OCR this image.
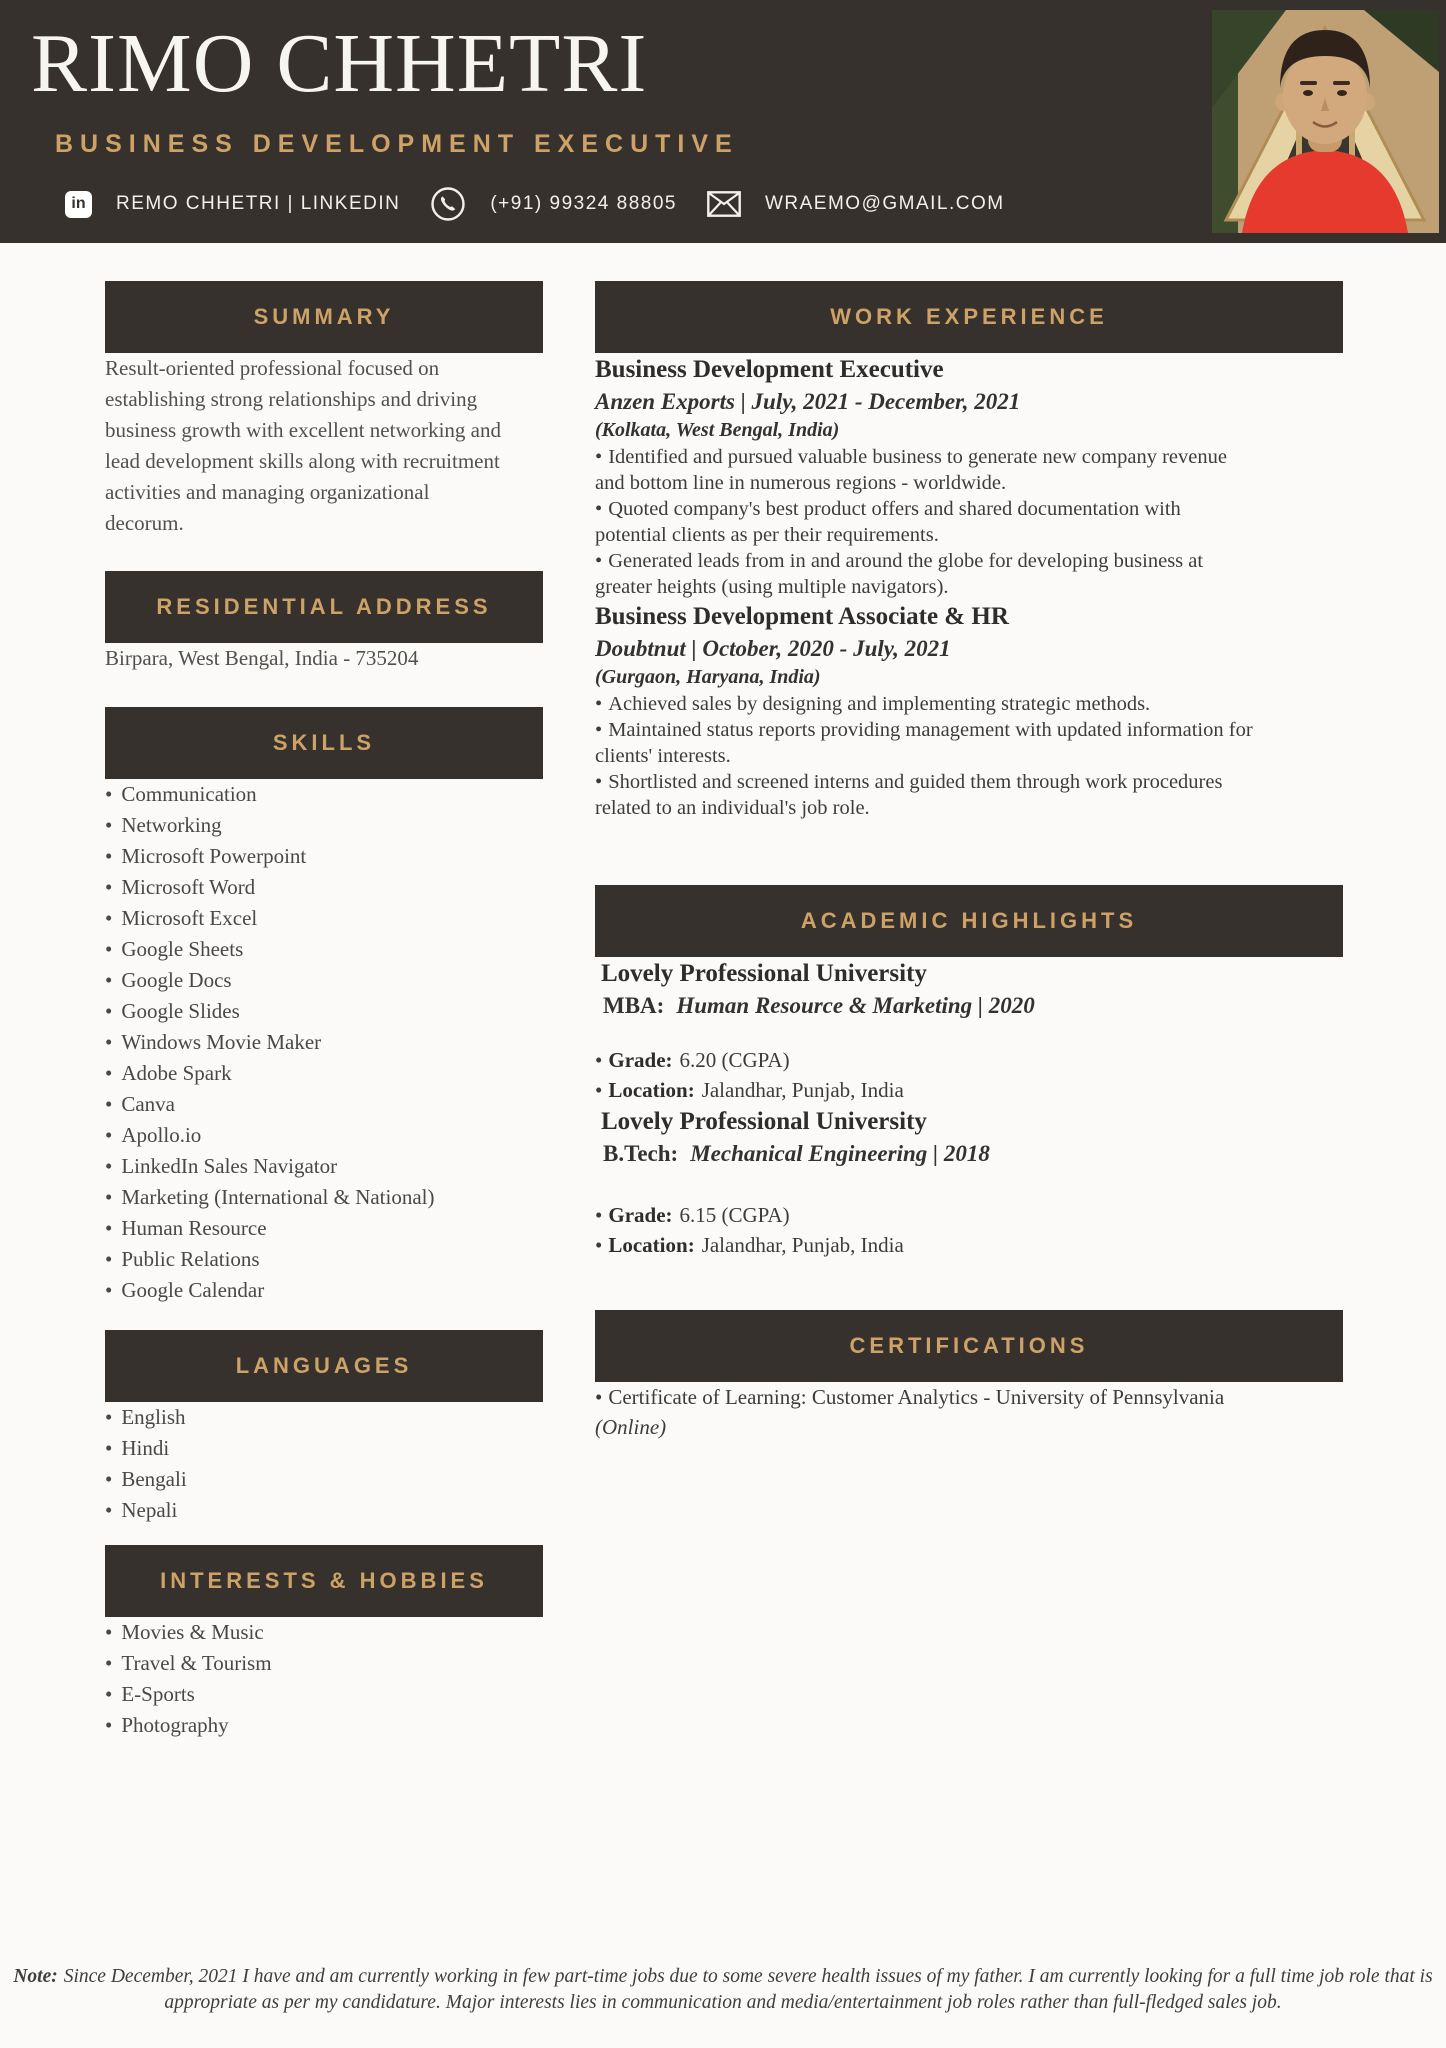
RIMO CHHETRI
BUSINESS DEVELOPMENT EXECUTIVE
in	REMO CHHETRI | LINKEDIN	(+91) 99324 88805	WRAEMO@GMAIL.COM
SUMMARY

Result-oriented professional focused on establishing strong relationships and driving business growth with excellent networking and lead development skills along with recruitment activities and managing organizational decorum.

RESIDENTIAL ADDRESS

Birpara, West Bengal, India - 735204

SKILLS
• Communication
• Networking
• Microsoft Powerpoint
• Microsoft Word
• Microsoft Excel
• Google Sheets
• Google Docs
• Google Slides
• Windows Movie Maker
• Adobe Spark
• Canva
• Apollo.io
• LinkedIn Sales Navigator
• Marketing (International & National)
• Human Resource
• Public Relations
• Google Calendar
LANGUAGES
• English
• Hindi
• Bengali
• Nepali
INTERESTS & HOBBIES
• Movies & Music
• Travel & Tourism
• E-Sports
• Photography
WORK EXPERIENCE

Business Development Executive

Anzen Exports | July, 2021 - December, 2021

(Kolkata, West Bengal, India)

• Identified and pursued valuable business to generate new company revenue and bottom line in numerous regions - worldwide.

• Quoted company's best product offers and shared documentation with potential clients as per their requirements.

• Generated leads from in and around the globe for developing business at greater heights (using multiple navigators).

Business Development Associate & HR

Doubtnut | October, 2020 - July, 2021

(Gurgaon, Haryana, India)

• Achieved sales by designing and implementing strategic methods.

• Maintained status reports providing management with updated information for clients' interests.

• Shortlisted and screened interns and guided them through work procedures related to an individual's job role.

ACADEMIC HIGHLIGHTS

Lovely Professional University

MBA: Human Resource & Marketing | 2020

• Grade: 6.20 (CGPA)

• Location: Jalandhar, Punjab, India

Lovely Professional University

B.Tech: Mechanical Engineering | 2018

• Grade: 6.15 (CGPA)

• Location: Jalandhar, Punjab, India

CERTIFICATIONS

• Certificate of Learning: Customer Analytics - University of Pennsylvania (Online)

Note: Since December, 2021 I have and am currently working in few part-time jobs due to some severe health issues of my father. I am currently looking for a full time job role that is appropriate as per my candidature. Major interests lies in communication and media/entertainment job roles rather than full-fledged sales job.
